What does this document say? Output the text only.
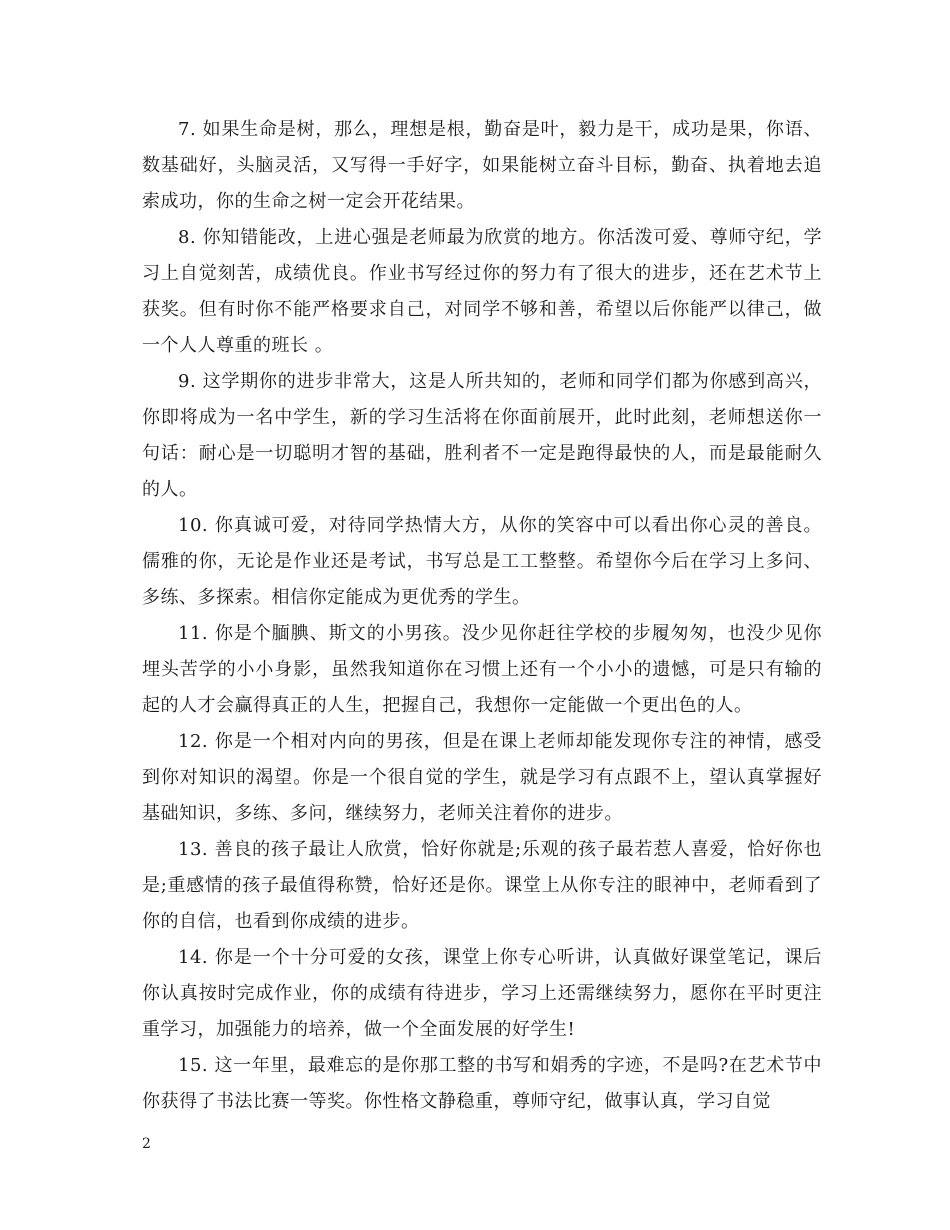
7. 如果生命是树，那么，理想是根，勤奋是叶，毅力是干，成功是果，你语、数基础好，头脑灵活，又写得一手好字，如果能树立奋斗目标，勤奋、执着地去追索成功，你的生命之树一定会开花结果。

8. 你知错能改，上进心强是老师最为欣赏的地方。你活泼可爱、尊师守纪，学习上自觉刻苦，成绩优良。作业书写经过你的努力有了很大的进步，还在艺术节上获奖。但有时你不能严格要求自己，对同学不够和善，希望以后你能严以律己，做一个人人尊重的班长 。

9. 这学期你的进步非常大，这是人所共知的，老师和同学们都为你感到高兴，你即将成为一名中学生，新的学习生活将在你面前展开，此时此刻，老师想送你一句话：耐心是一切聪明才智的基础，胜利者不一定是跑得最快的人，而是最能耐久的人。

10. 你真诚可爱，对待同学热情大方，从你的笑容中可以看出你心灵的善良。儒雅的你，无论是作业还是考试，书写总是工工整整。希望你今后在学习上多问、多练、多探索。相信你定能成为更优秀的学生。

11. 你是个腼腆、斯文的小男孩。没少见你赶往学校的步履匆匆，也没少见你埋头苦学的小小身影，虽然我知道你在习惯上还有一个小小的遗憾，可是只有输的起的人才会赢得真正的人生，把握自己，我想你一定能做一个更出色的人。

12. 你是一个相对内向的男孩，但是在课上老师却能发现你专注的神情，感受到你对知识的渴望。你是一个很自觉的学生，就是学习有点跟不上，望认真掌握好基础知识，多练、多问，继续努力，老师关注着你的进步。

13. 善良的孩子最让人欣赏，恰好你就是;乐观的孩子最若惹人喜爱，恰好你也是;重感情的孩子最值得称赞，恰好还是你。课堂上从你专注的眼神中，老师看到了你的自信，也看到你成绩的进步。

14. 你是一个十分可爱的女孩，课堂上你专心听讲，认真做好课堂笔记，课后你认真按时完成作业，你的成绩有待进步，学习上还需继续努力，愿你在平时更注重学习，加强能力的培养，做一个全面发展的好学生!

15. 这一年里，最难忘的是你那工整的书写和娟秀的字迹，不是吗?在艺术节中你获得了书法比赛一等奖。你性格文静稳重，尊师守纪，做事认真，学习自觉

2
